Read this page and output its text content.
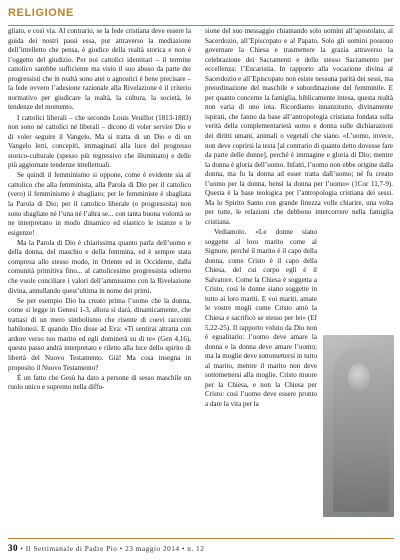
RELIGIONE

gliato, e così via. Al contrario, se la fede cristiana deve essere la guida dei nostri passi essa, pur attraverso la mediazione dell’intelletto che pensa, è giudice della realtà storica e non è l’oggetto del giudizio. Per noi cattolici identitari – il termine cattolico sarebbe sufficiente ma visto il suo abuso da parte dei progressisti che in realtà sono atei o agnostici è bene precisare – la fede ovvero l’adesione razionale alla Rivelazione è il criterio normativo per giudicare la realtà, la cultura, la società, le tendenze del momento.

I cattolici liberali – che secondo Louis Veuillot (1813-1883) non sono né cattolici né liberali – dicono di voler servire Dio e di voler seguire il Vangelo. Ma si tratta di un Dio e di un Vangelo letti, concepiti, immaginati alla luce del progresso storico-culturale (spesso più regressivo che illuminato) e delle più aggiornate tendenze intellettuali.

Se quindi il femminismo si oppone, come è evidente sia al cattolico che alla femminista, alla Parola di Dio per il cattolico (vero) il femminismo è sbagliato; per le femministe è sbagliata la Parola di Dio; per il cattolico liberale (o progressista) non sono sbagliate né l’una né l’altra se... con tanta buona volontà se ne interpretano in modo dinamico ed elastico le istanze e le esigenze!

Ma la Parola di Dio è chiarissima quanto parla dell’uomo e della donna, del maschio e della femmina, ed è sempre stata compresa allo stesso modo, in Oriente ed in Occidente, dalla comunità primitiva fino... al cattolicesimo progressista odierno che vuole conciliare i valori dell’ammissimo con la Rivelazione divina, annullando quest’ultima in nome dei primi.

Se per esempio Dio ha creato prima l’uomo che la donna, come si legge in Genesi 1-3, allora si darà, dinamicamente, che trattasi di un mero simbolismo che risente di coevi racconti babilonesi. E quando Dio disse ad Eva: «Ti sentirai attratta con ardore verso tuo marito ed egli dominerà su di te» (Gen 4,16), questo passo andrà interpretato e riletto alla luce dello spirito di libertà del Nuovo Testamento. Già! Ma cosa insegna in proposito il Nuovo Testamento?

È un fatto che Gesù ha dato a persone di sesso maschile un ruolo unico e supremo nella diffu-

sione del suo messaggio chiamando solo uomini all’apostolato, al Sacerdozio, all’Episcopato e al Papato. Solo gli uomini possono governare la Chiesa e trasmettere la grazia attraverso la celebrazione dei Sacramenti e dello stesso Sacramento per eccellenza: l’Eucaristia. In rapporto alla vocazione divina al Sacerdozio e all’Episcopato non esiste nessuna parità dei sessi, ma preordinazione del maschile e subordinazione del femminile. E per quanto concerne la famiglia, biblicamente intesa, questa realtà non varia di uno iota. Ricordiamo innanzitutto, divinamente ispirati, che fanno da base all’antropologia cristiana fondata sulla verità della complementarietà uomo e donna sulle dichiarazioni dei diritti umani, animali o vegetali che siano. «L’uomo, invece, non deve coprirsi la testa [al contrario di quanto detto dovesse fare da parte delle donne], perché è immagine e gloria di Dio; mentre la donna è gloria dell’uomo. Infatti, l’uomo non ebbe origine dalla donna, ma fu la donna ad esser tratta dall’uomo; né fu creato l’uomo per la donna, bensì la donna per l’uomo» (1Cor 11,7-9). Questa è la base teologica per l’antropologia cristiana dei sessi. Ma lo Spirito Santo con grande finezza volle chiarire, una volta per tutte, le relazioni che debbono intercorrere nella famiglia cristiana.

Vediamolo. «Le donne siano soggette al loro marito come al Signore, perché il marito è il capo della donna, come Cristo è il capo della Chiesa, del cui corpo egli è il Salvatore. Come la Chiesa è soggetta a Cristo, così le donne siano soggette in tutto ai loro mariti. E voi mariti, amate le vostre mogli come Cristo amò la Chiesa e sacrificò se stesso per lei» (Ef 5,22-25). Il rapporto voluto da Dio non è egualitario: l’uomo deve amare la donna e la donna deve amare l’uomo; ma la moglie deve sottomettersi in tutto al marito, mentre il marito non deve sottomettersi alla moglie. Cristo muore per la Chiesa, e non la Chiesa per Cristo: così l’uomo deve essere pronto a dare la vita per la

30 • Il Settimanale di Padre Pio • 23 maggio 2014 • n. 12
